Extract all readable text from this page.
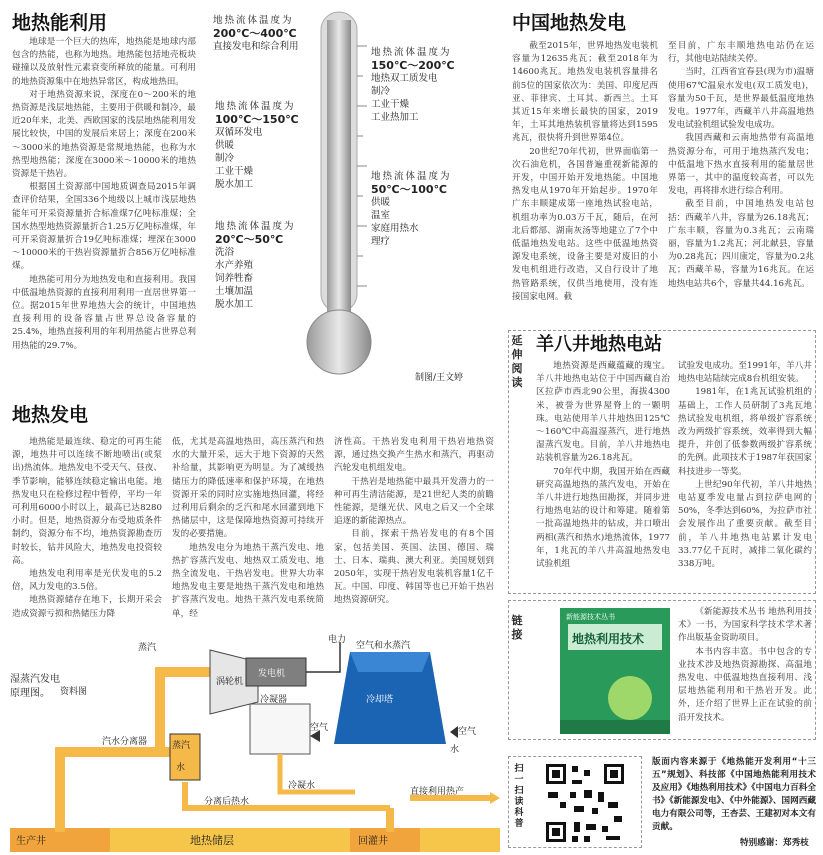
地热能利用

地球是一个巨大的热库，地热能是地球内部包含的热能，也称为地热。地热能包括地壳板块碰撞以及放射性元素衰变所释放的能量。可利用的地热资源集中在地热异常区，构成地热田。

对于地热资源来说，深度在0～200米的地热资源是浅层地热能，主要用于供暖和制冷，最近20年来，北美、西欧国家的浅层地热能利用发展比较快，中国的发展后来居上；深度在200米～3000米的地热资源是常规地热能，也称为水热型地热能；深度在3000米～10000米的地热资源是干热岩。

根据国土资源部中国地质调查局2015年调查评价结果，全国336个地级以上城市浅层地热能年可开采资源量折合标准煤7亿吨标准煤；全国水热型地热资源量折合1.25万亿吨标准煤，年可开采资源量折合19亿吨标准煤；埋深在3000～10000米的干热岩资源量折合856万亿吨标准煤。

地热能可用分为地热发电和直接利用。我国中低温地热资源的直接利用利用一直居世界第一位。据2015年世界地热大会的统计，中国地热直接利用的设备容量占世界总设备容量的25.4%，地热直接利用的年利用热能占世界总利用热能的29.7%。

地热流体温度为
200℃～400℃
直接发电和综合利用
地热流体温度为
150℃～200℃
地热双工质发电
制冷
工业干燥
工业热加工
地热流体温度为
100℃～150℃
双循环发电
供暖
制冷
工业干燥
脱水加工
地热流体温度为
50℃～100℃
供暖
温室
家庭用热水
理疗
地热流体温度为
20℃～50℃
洗浴
水产养殖
饲养牲畜
土壤加温
脱水加工
制图/王文婷
地热发电

地热能是最连续、稳定的可再生能源，地热井可以连续不断地喷出(或泵出)热流体。地热发电不受天气、昼夜、季节影响，能够连续稳定输出电能。地热发电只在检修过程中暂停，平均一年可利用6000小时以上，最高已达8280小时。但是，地热资源分布受地质条件制约，资源分布不均，地热资源勘查历时较长，钻井风险大，地热发电投资较高。

地热发电利用率是光伏发电的5.2倍，风力发电的3.5倍。

地热资源储存在地下，长期开采会造成资源亏损和热储压力降

低，尤其是高温地热田，高压蒸汽和热水的大量开采，远大于地下资源的天然补给量，其影响更为明显。为了减缓热储压力的降低速率和保护环境，在地热资源开采的同时应实施地热回灌，将经过利用后剩余的乏汽和尾水回灌到地下热储层中，这是保障地热资源可持续开发的必要措施。

地热发电分为地热干蒸汽发电、地热扩容蒸汽发电、地热双工质发电、地热全流发电、干热岩发电。世界大功率地热发电主要是地热干蒸汽发电和地热扩容蒸汽发电。地热干蒸汽发电系统简单，经

济性高。干热岩发电利用干热岩地热资源，通过热交换产生热水和蒸汽，再驱动汽轮发电机组发电。

干热岩是地热能中最具开发潜力的一种可再生清洁能源，是21世纪人类的前瞻性能源，是继光伏、风电之后又一个全球追逐的新能源热点。

目前，探索干热岩发电的有8个国家，包括美国、英国、法国、德国、瑞士、日本、瑞典、澳大利亚。美国规划到2050年，实现干热岩发电装机容量1亿千瓦。中国、印度、韩国等也已开始干热岩地热资源研究。

湿蒸汽发电
原理图。 资料图
蒸汽
涡轮机
发电机
电力
空气和水蒸汽
冷凝器
空气
冷却塔
空气
水
汽水分离器	蒸汽
水
分离后热水
冷凝水
直接利用热产
生产井	地热储层	回灌井
中国地热发电

截至2015年，世界地热发电装机容量为12635兆瓦；截至2018年为14600兆瓦。地热发电装机容量排名前5位的国家依次为：美国、印度尼西亚、菲律宾、土耳其、新西兰。土耳其近15年来增长最快的国家，2019年，土耳其地热装机容量将达到1595兆瓦，很快将升到世界第4位。

20世纪70年代初，世界面临第一次石油危机，各国普遍重视新能源的开发，中国开始开发地热能。中国地热发电从1970年开始起步。1970年广东丰顺建成第一座地热试验电站，机组功率为0.03万千瓦，随后，在河北后都部、湖南灰汤等地建立了7个中低温地热发电站。这些中低温地热资源发电系统，设备主要是对废旧的小发电机组进行改造，又自行设计了地热管路系统，仅供当地使用，没有连接国家电网。截

至目前，广东丰顺地热电站仍在运行，其他电站陆续关停。

当时，江西省宜春县(现为市)温塘使用67℃温泉水发电(双工质发电)，容量为50千瓦，是世界最低温度地热发电。1977年，西藏羊八井高温地热发电试验机组试验发电成功。

我国西藏和云南地热带有高温地热资源分布，可用于地热蒸汽发电；中低温地下热水直接利用的能量居世界第一，其中的温度较高者，可以先发电，再将排水进行综合利用。

截至目前，中国地热发电站包括：西藏羊八井，容量为26.18兆瓦；广东丰顺，容量为0.3兆瓦；云南瑞丽，容量为1.2兆瓦；河北献县，容量为0.28兆瓦；四川康定，容量为0.2兆瓦；西藏羊易，容量为16兆瓦。在运地热电站共6个，容量共44.16兆瓦。

延伸阅读
羊八井地热电站

地热资源是西藏蕴藏的瑰宝。羊八井地热电站位于中国西藏自治区拉萨市西北90公里，海拔4300米，被誉为世界屋脊上的一颗明珠。电站使用羊八井地热田125℃～160℃中高温湿蒸汽，进行地热湿蒸汽发电。目前，羊八井地热电站装机容量为26.18兆瓦。

70年代中期，我国开始在西藏研究高温地热的蒸汽发电，开始在羊八井进行地热田勘探，并同步进行地热电站的设计和筹建。随着第一批高温地热井的钻成，并口喷出两相(蒸汽和热水)地热流体，1977年，1兆瓦的羊八井高温地热发电试验机组

试验发电成功。至1991年，羊八井地热电站陆续完成8台机组安装。

1981年，在1兆瓦试验机组的基础上，工作人员研制了3兆瓦地热试验发电机组，将单级扩容系统改为两级扩容系统，效率得到大幅提升，并创了低参数两级扩容系统的先例。此项技术于1987年获国家科技进步一等奖。

上世纪90年代初，羊八井地热电站夏季发电量占到拉萨电网的50%，冬季达到60%，为拉萨市社会发展作出了重要贡献。截至目前，羊八井地热电站累计发电33.77亿千瓦时，减排二氧化碳约338万吨。

链接
新能源技术丛书
地热利用技术

《新能源技术丛书 地热利用技术》一书，为国家科学技术学术著作出版基金资助项目。

本书内容丰富。书中包含的专业技术涉及地热资源勘探、高温地热发电、中低温地热直接利用、浅层地热能利用和干热岩开发。此外，还介绍了世界上正在试验的前沿开发技术。

扫一扫读科普
版面内容来源于《地热能开发利用“十三五”规划》、科技部《中国地热能利用技术及应用》《地热利用技术》《中国电力百科全书》《新能源发电》、《中外能源》、国网西藏电力有限公司等，王杏芸、王建初对本文有贡献。
特别感谢：郑秀枝
